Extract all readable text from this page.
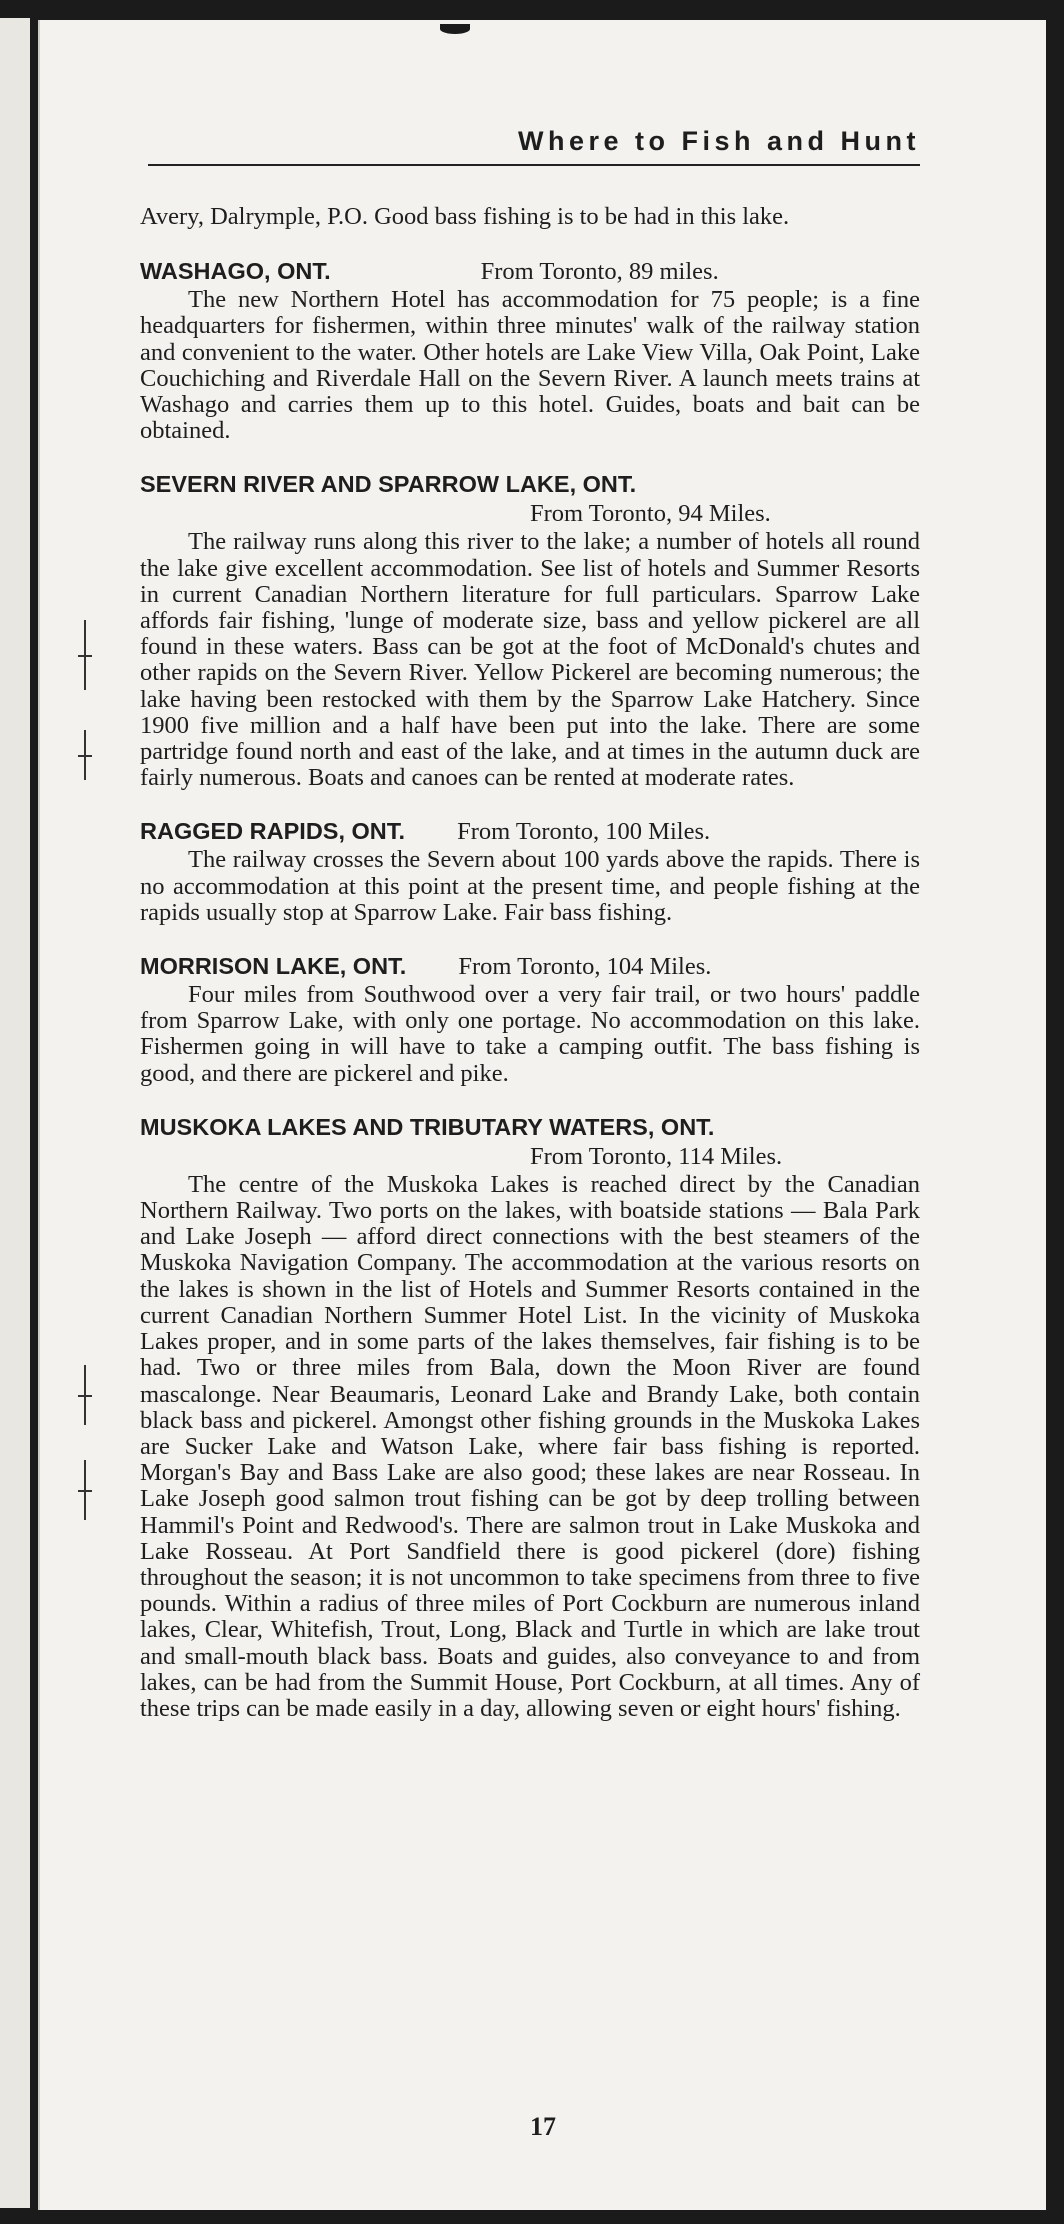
Where to Fish and Hunt

Avery, Dalrymple, P.O. Good bass fishing is to be had in this lake.

WASHAGO, ONT.	From Toronto, 89 miles.

The new Northern Hotel has accommodation for 75 people; is a fine headquarters for fishermen, within three minutes' walk of the railway station and convenient to the water. Other hotels are Lake View Villa, Oak Point, Lake Couchiching and Riverdale Hall on the Severn River. A launch meets trains at Washago and carries them up to this hotel. Guides, boats and bait can be obtained.

SEVERN RIVER AND SPARROW LAKE, ONT.
From Toronto, 94 Miles.

The railway runs along this river to the lake; a number of hotels all round the lake give excellent accommodation. See list of hotels and Summer Resorts in current Canadian Northern literature for full particulars. Sparrow Lake affords fair fishing, 'lunge of moderate size, bass and yellow pickerel are all found in these waters. Bass can be got at the foot of McDonald's chutes and other rapids on the Severn River. Yellow Pickerel are becoming numerous; the lake having been restocked with them by the Sparrow Lake Hatchery. Since 1900 five million and a half have been put into the lake. There are some partridge found north and east of the lake, and at times in the autumn duck are fairly numerous. Boats and canoes can be rented at moderate rates.

RAGGED RAPIDS, ONT. From Toronto, 100 Miles.

The railway crosses the Severn about 100 yards above the rapids. There is no accommodation at this point at the present time, and people fishing at the rapids usually stop at Sparrow Lake. Fair bass fishing.

MORRISON LAKE, ONT. From Toronto, 104 Miles.

Four miles from Southwood over a very fair trail, or two hours' paddle from Sparrow Lake, with only one portage. No accommodation on this lake. Fishermen going in will have to take a camping outfit. The bass fishing is good, and there are pickerel and pike.

MUSKOKA LAKES AND TRIBUTARY WATERS, ONT.
From Toronto, 114 Miles.

The centre of the Muskoka Lakes is reached direct by the Canadian Northern Railway. Two ports on the lakes, with boatside stations — Bala Park and Lake Joseph — afford direct connections with the best steamers of the Muskoka Navigation Company. The accommodation at the various resorts on the lakes is shown in the list of Hotels and Summer Resorts contained in the current Canadian Northern Summer Hotel List. In the vicinity of Muskoka Lakes proper, and in some parts of the lakes themselves, fair fishing is to be had. Two or three miles from Bala, down the Moon River are found mascalonge. Near Beaumaris, Leonard Lake and Brandy Lake, both contain black bass and pickerel. Amongst other fishing grounds in the Muskoka Lakes are Sucker Lake and Watson Lake, where fair bass fishing is reported. Morgan's Bay and Bass Lake are also good; these lakes are near Rosseau. In Lake Joseph good salmon trout fishing can be got by deep trolling between Hammil's Point and Redwood's. There are salmon trout in Lake Muskoka and Lake Rosseau. At Port Sandfield there is good pickerel (dore) fishing throughout the season; it is not uncommon to take specimens from three to five pounds. Within a radius of three miles of Port Cockburn are numerous inland lakes, Clear, Whitefish, Trout, Long, Black and Turtle in which are lake trout and small-mouth black bass. Boats and guides, also conveyance to and from lakes, can be had from the Summit House, Port Cockburn, at all times. Any of these trips can be made easily in a day, allowing seven or eight hours' fishing.

17
